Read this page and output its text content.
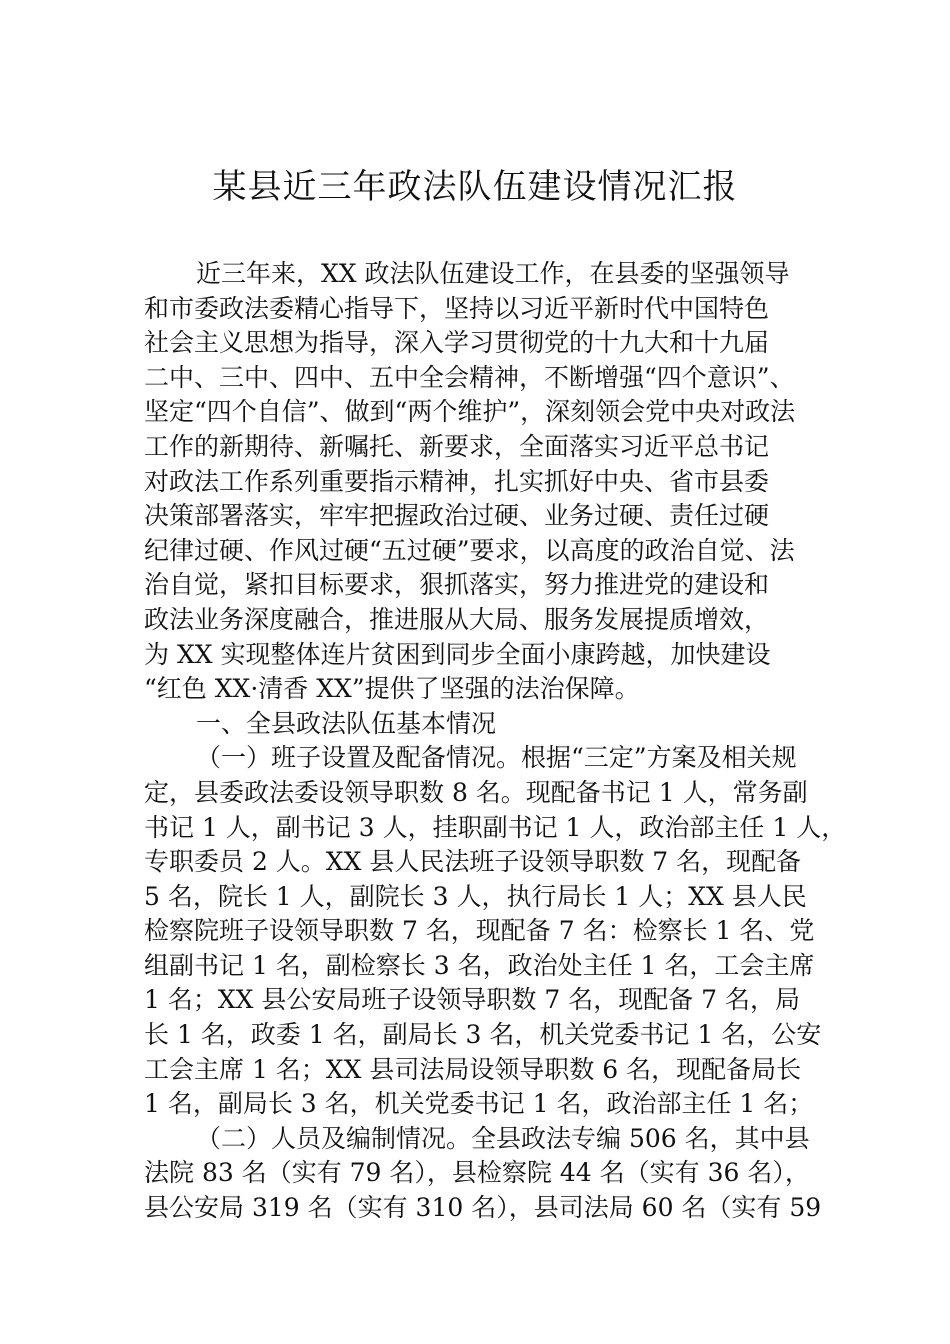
某县近三年政法队伍建设情况汇报
近三年来，XX 政法队伍建设工作，在县委的坚强领导
和市委政法委精心指导下，坚持以习近平新时代中国特色
社会主义思想为指导，深入学习贯彻党的十九大和十九届
二中、三中、四中、五中全会精神，不断增强“四个意识”、
坚定“四个自信”、做到“两个维护”，深刻领会党中央对政法
工作的新期待、新嘱托、新要求，全面落实习近平总书记
对政法工作系列重要指示精神，扎实抓好中央、省市县委
决策部署落实，牢牢把握政治过硬、业务过硬、责任过硬
纪律过硬、作风过硬“五过硬”要求，以高度的政治自觉、法
治自觉，紧扣目标要求，狠抓落实，努力推进党的建设和
政法业务深度融合，推进服从大局、服务发展提质增效，
为 XX 实现整体连片贫困到同步全面小康跨越，加快建设
“红色 XX·清香 XX”提供了坚强的法治保障。
一、全县政法队伍基本情况
（一）班子设置及配备情况。根据“三定”方案及相关规
定，县委政法委设领导职数 8 名。现配备书记 1 人，常务副
书记 1 人，副书记 3 人，挂职副书记 1 人，政治部主任 1 人，
专职委员 2 人。XX 县人民法班子设领导职数 7 名，现配备
5 名，院长 1 人，副院长 3 人，执行局长 1 人；XX 县人民
检察院班子设领导职数 7 名，现配备 7 名：检察长 1 名、党
组副书记 1 名，副检察长 3 名，政治处主任 1 名，工会主席
1 名；XX 县公安局班子设领导职数 7 名，现配备 7 名，局
长 1 名，政委 1 名，副局长 3 名，机关党委书记 1 名，公安
工会主席 1 名；XX 县司法局设领导职数 6 名，现配备局长
1 名，副局长 3 名，机关党委书记 1 名，政治部主任 1 名；
（二）人员及编制情况。全县政法专编 506 名，其中县
法院 83 名（实有 79 名），县检察院 44 名（实有 36 名），
县公安局 319 名（实有 310 名），县司法局 60 名（实有 59
